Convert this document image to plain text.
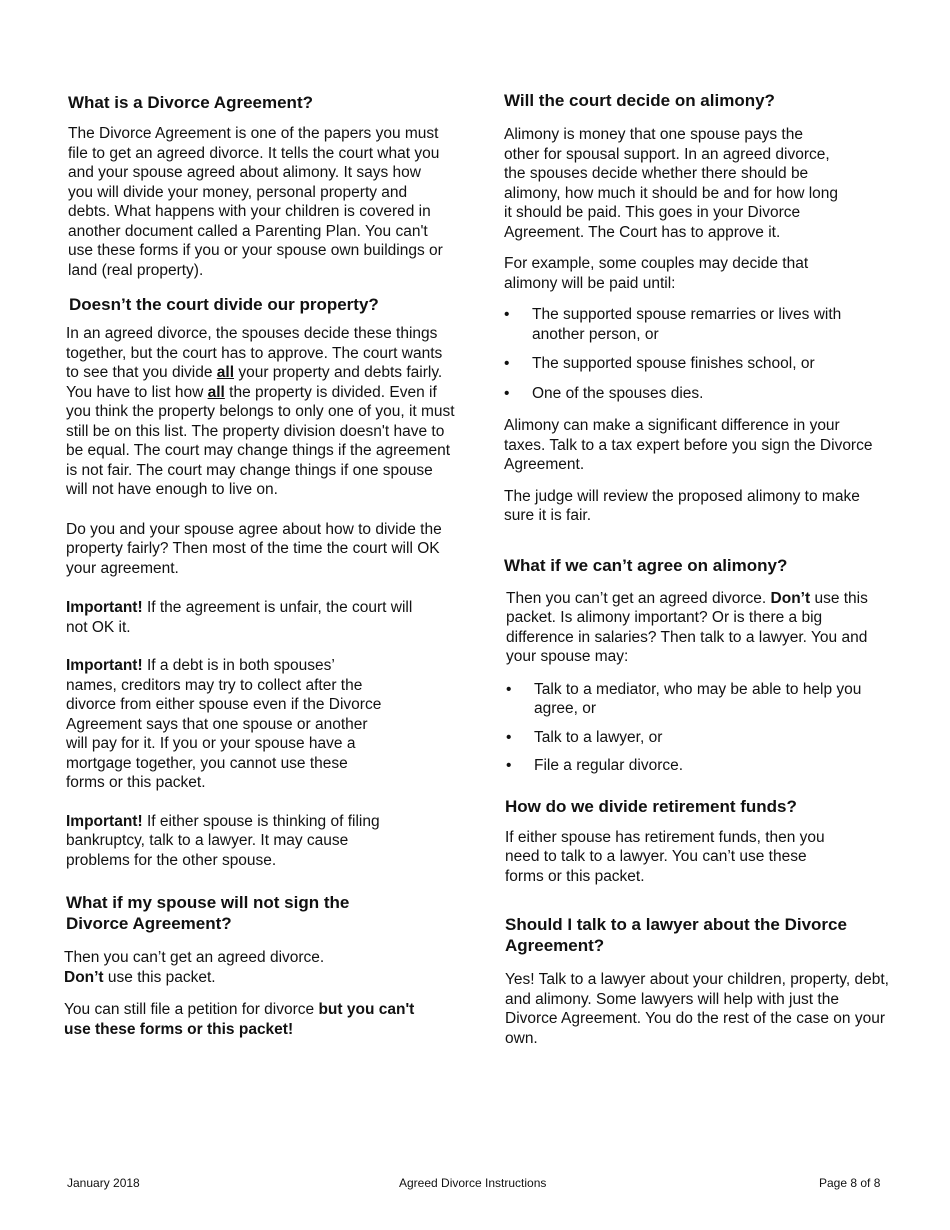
What is a Divorce Agreement?

The Divorce Agreement is one of the papers you must file to get an agreed divorce. It tells the court what you and your spouse agreed about alimony. It says how you will divide your money, personal property and debts. What happens with your children is covered in another document called a Parenting Plan. You can't use these forms if you or your spouse own buildings or land (real property).

Doesn’t the court divide our property?

In an agreed divorce, the spouses decide these things together, but the court has to approve. The court wants to see that you divide all your property and debts fairly. You have to list how all the property is divided. Even if you think the property belongs to only one of you, it must still be on this list. The property division doesn't have to be equal. The court may change things if the agreement is not fair. The court may change things if one spouse will not have enough to live on.

Do you and your spouse agree about how to divide the property fairly? Then most of the time the court will OK your agreement.

Important! If the agreement is unfair, the court will not OK it.

Important! If a debt is in both spouses’ names, creditors may try to collect after the divorce from either spouse even if the Divorce Agreement says that one spouse or another will pay for it. If you or your spouse have a mortgage together, you cannot use these forms or this packet.

Important! If either spouse is thinking of filing bankruptcy, talk to a lawyer. It may cause problems for the other spouse.

What if my spouse will not sign the Divorce Agreement?

Then you can’t get an agreed divorce.
Don’t use this packet.

You can still file a petition for divorce but you can't use these forms or this packet!

Will the court decide on alimony?

Alimony is money that one spouse pays the other for spousal support. In an agreed divorce, the spouses decide whether there should be alimony, how much it should be and for how long it should be paid. This goes in your Divorce Agreement. The Court has to approve it.

For example, some couples may decide that alimony will be paid until:

• The supported spouse remarries or lives with another person, or
• The supported spouse finishes school, or
• One of the spouses dies.

Alimony can make a significant difference in your taxes. Talk to a tax expert before you sign the Divorce Agreement.

The judge will review the proposed alimony to make sure it is fair.

What if we can’t agree on alimony?

Then you can’t get an agreed divorce. Don’t use this packet. Is alimony important? Or is there a big difference in salaries? Then talk to a lawyer. You and your spouse may:

• Talk to a mediator, who may be able to help you agree, or
• Talk to a lawyer, or
• File a regular divorce.
How do we divide retirement funds?

If either spouse has retirement funds, then you need to talk to a lawyer. You can’t use these forms or this packet.

Should I talk to a lawyer about the Divorce Agreement?

Yes! Talk to a lawyer about your children, property, debt, and alimony. Some lawyers will help with just the Divorce Agreement. You do the rest of the case on your own.

January 2018	Agreed Divorce Instructions	Page 8 of 8
